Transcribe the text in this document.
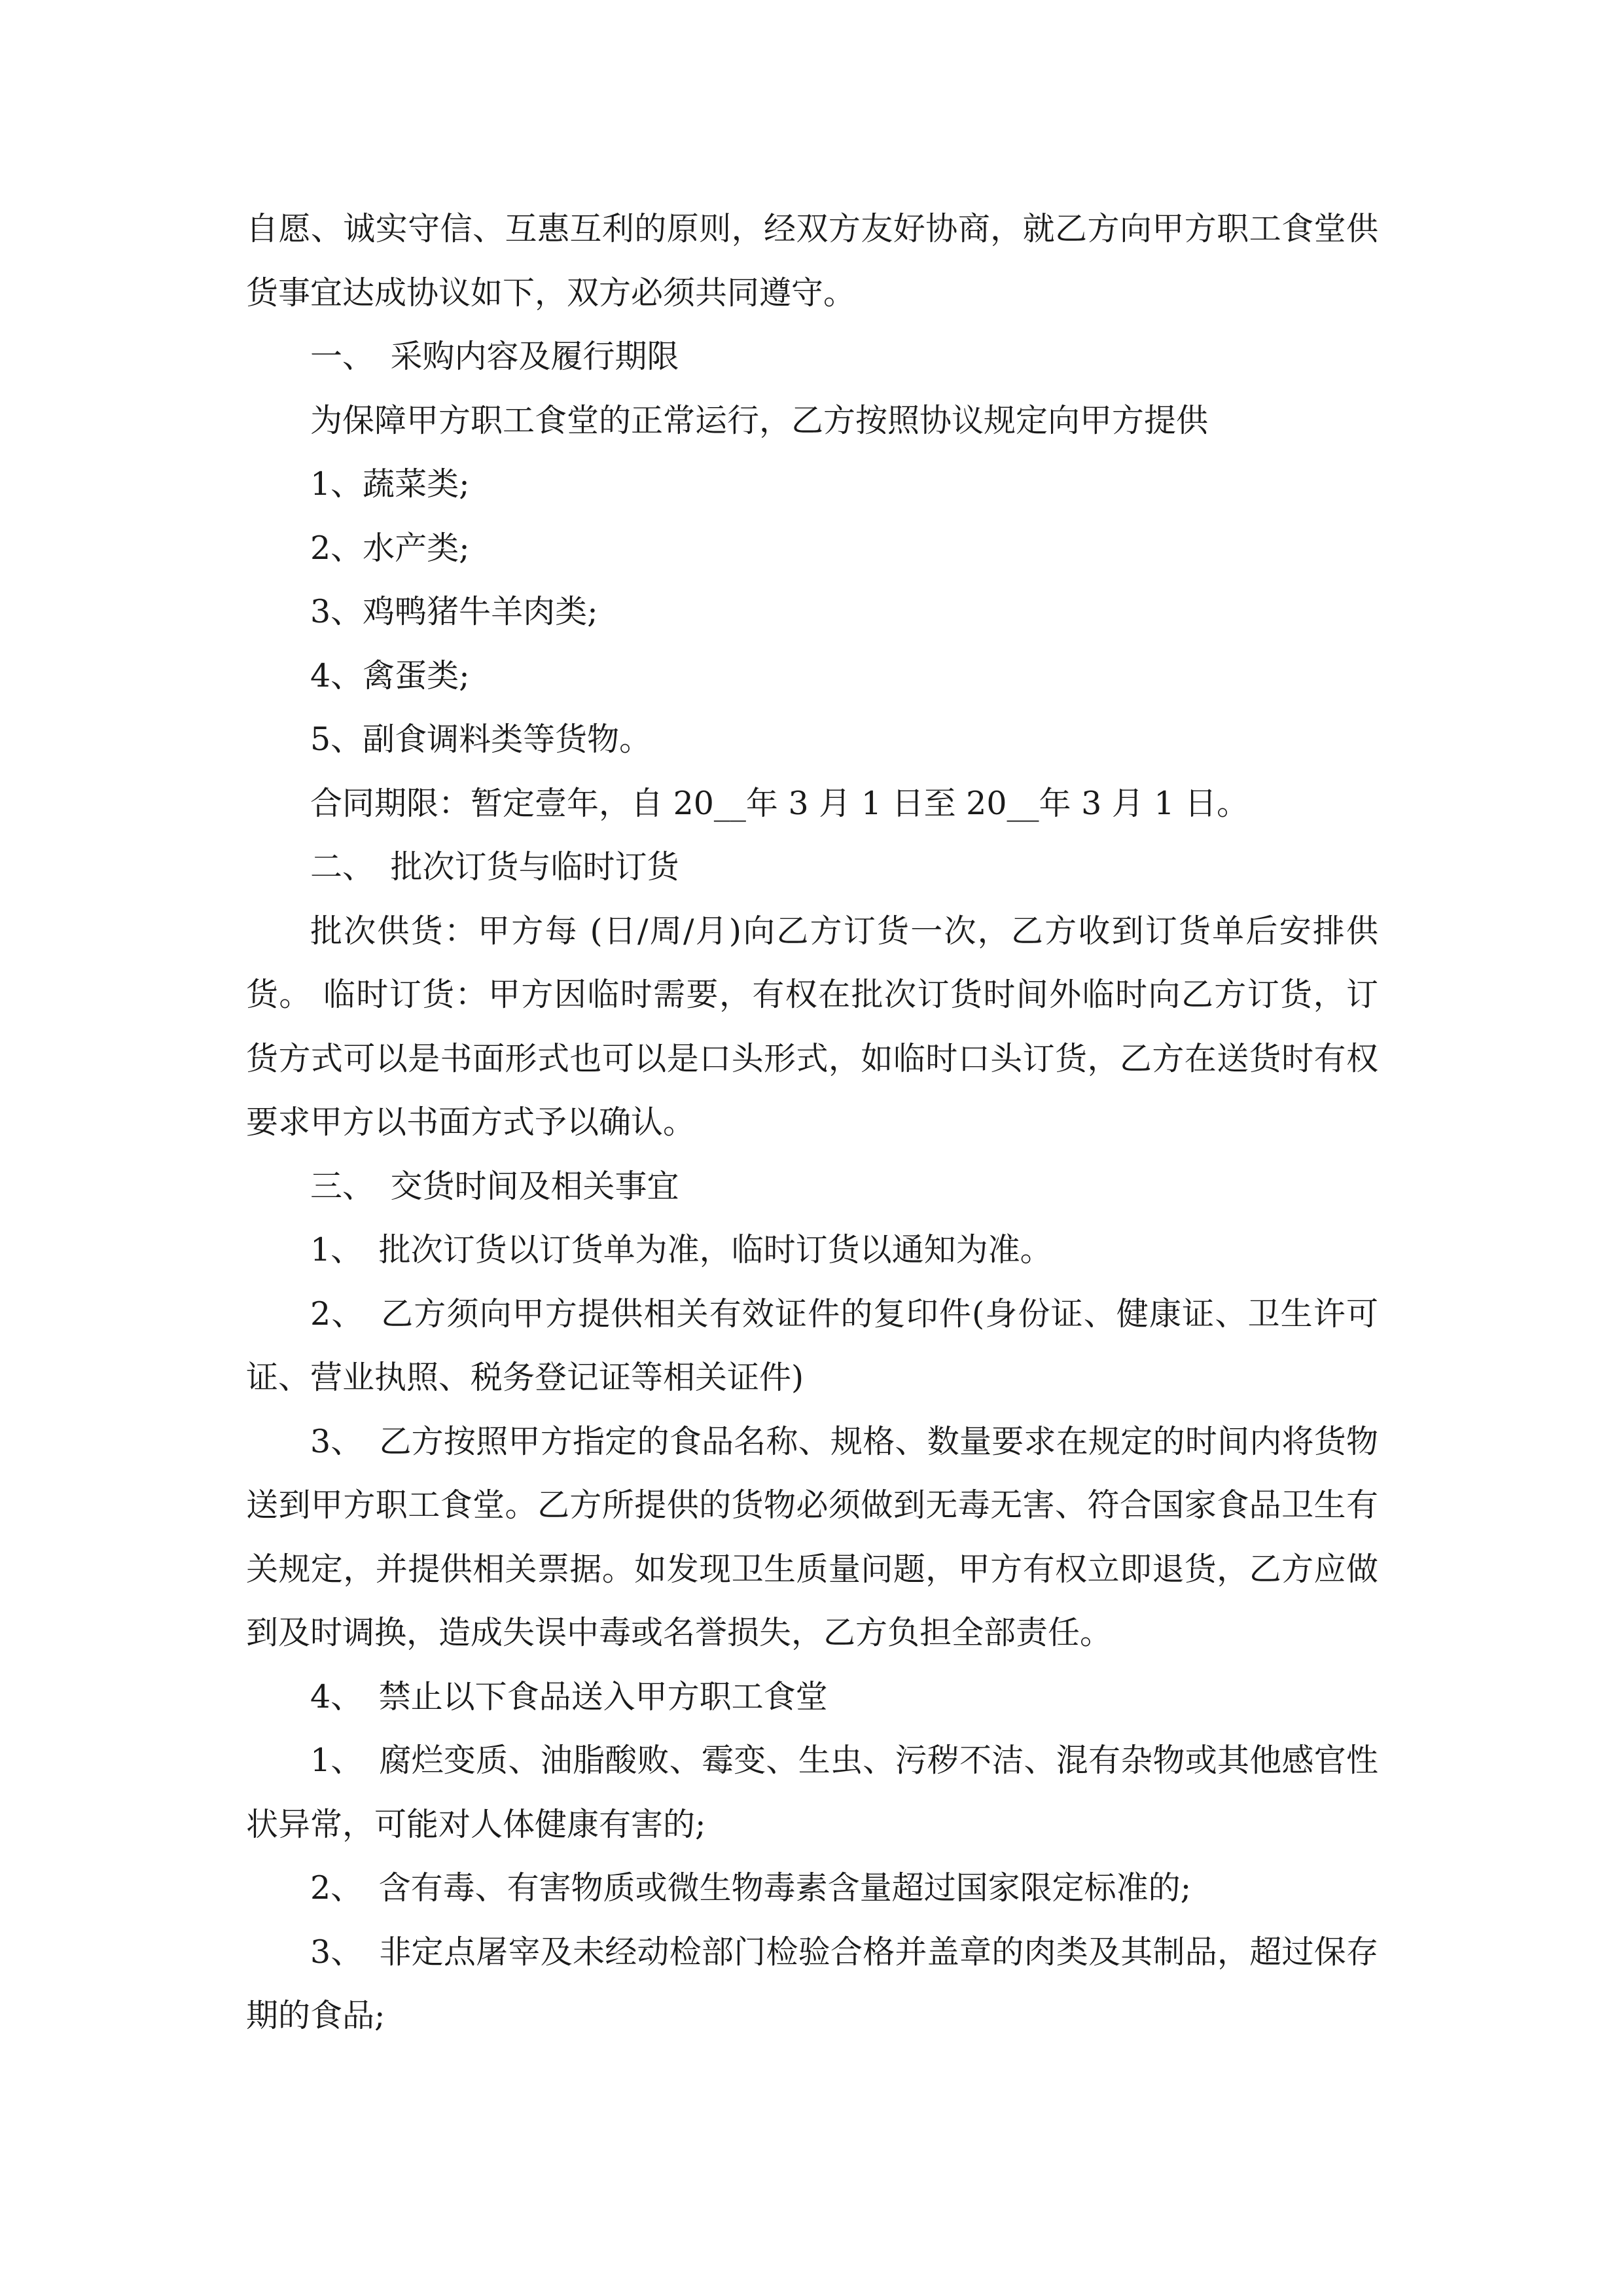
自愿、诚实守信、互惠互利的原则，经双方友好协商，就乙方向甲方职工食堂供
货事宜达成协议如下，双方必须共同遵守。
一、　采购内容及履行期限
为保障甲方职工食堂的正常运行，乙方按照协议规定向甲方提供
1、蔬菜类;
2、水产类;
3、鸡鸭猪牛羊肉类;
4、禽蛋类;
5、副食调料类等货物。
合同期限：暂定壹年，自 20__年 3 月 1 日至 20__年 3 月 1 日。
二、　批次订货与临时订货
批次供货：甲方每 (日/周/月)向乙方订货一次，乙方收到订货单后安排供
货。 临时订货：甲方因临时需要，有权在批次订货时间外临时向乙方订货，订
货方式可以是书面形式也可以是口头形式，如临时口头订货，乙方在送货时有权
要求甲方以书面方式予以确认。
三、　交货时间及相关事宜
1、　批次订货以订货单为准，临时订货以通知为准。
2、　乙方须向甲方提供相关有效证件的复印件(身份证、健康证、卫生许可
证、营业执照、税务登记证等相关证件)
3、　乙方按照甲方指定的食品名称、规格、数量要求在规定的时间内将货物
送到甲方职工食堂。乙方所提供的货物必须做到无毒无害、符合国家食品卫生有
关规定，并提供相关票据。如发现卫生质量问题，甲方有权立即退货，乙方应做
到及时调换，造成失误中毒或名誉损失，乙方负担全部责任。
4、　禁止以下食品送入甲方职工食堂
1、　腐烂变质、油脂酸败、霉变、生虫、污秽不洁、混有杂物或其他感官性
状异常，可能对人体健康有害的;
2、　含有毒、有害物质或微生物毒素含量超过国家限定标准的;
3、　非定点屠宰及未经动检部门检验合格并盖章的肉类及其制品，超过保存
期的食品;
